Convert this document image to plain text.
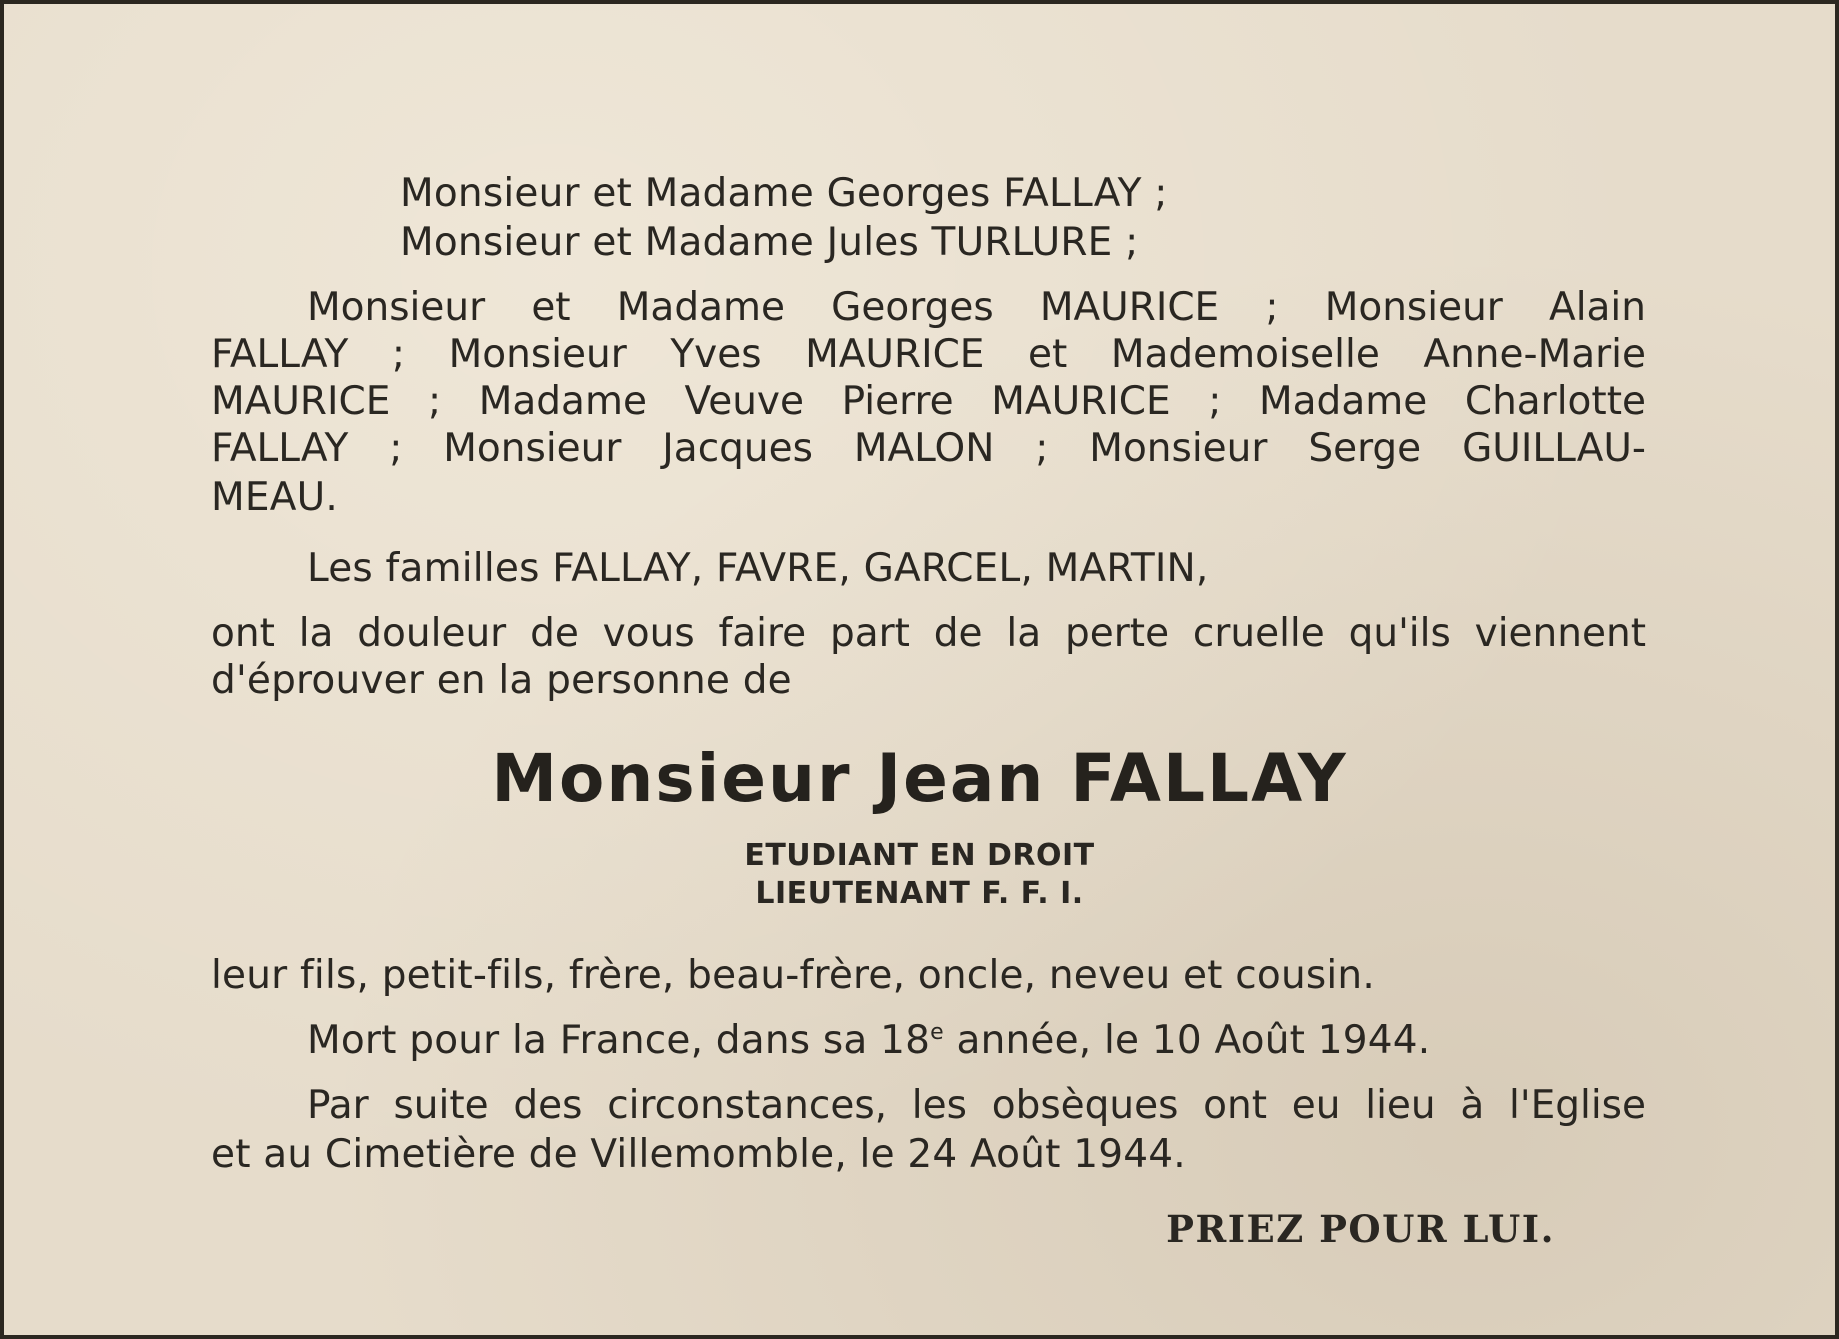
Monsieur et Madame Georges FALLAY ;
Monsieur et Madame Jules TURLURE ;
Monsieur et Madame Georges MAURICE ; Monsieur Alain
FALLAY ; Monsieur Yves MAURICE et Mademoiselle Anne-Marie
MAURICE ; Madame Veuve Pierre MAURICE ; Madame Charlotte
FALLAY ; Monsieur Jacques MALON ; Monsieur Serge GUILLAU-
MEAU.
Les familles FALLAY, FAVRE, GARCEL, MARTIN,
ont la douleur de vous faire part de la perte cruelle qu'ils viennent
d'éprouver en la personne de
Monsieur Jean FALLAY
ETUDIANT EN DROIT
LIEUTENANT F. F. I.
leur fils, petit-fils, frère, beau-frère, oncle, neveu et cousin.
Mort pour la France, dans sa 18e année, le 10 Août 1944.
Par suite des circonstances, les obsèques ont eu lieu à l'Eglise
et au Cimetière de Villemomble, le 24 Août 1944.
PRIEZ POUR LUI.
